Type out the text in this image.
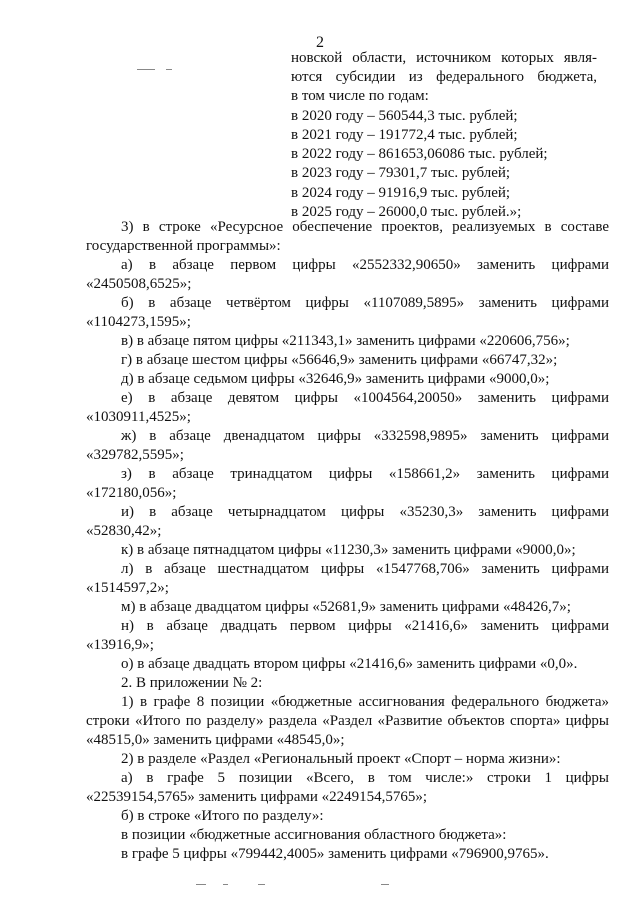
2
новской области, источником которых явля-
ются субсидии из федерального бюджета,
в том числе по годам:
в 2020 году – 560544,3 тыс. рублей;
в 2021 году – 191772,4 тыс. рублей;
в 2022 году – 861653,06086 тыс. рублей;
в 2023 году – 79301,7 тыс. рублей;
в 2024 году – 91916,9 тыс. рублей;
в 2025 году – 26000,0 тыс. рублей.»;
3) в строке «Ресурсное обеспечение проектов, реализуемых в составе
государственной программы»:
а) в абзаце первом цифры «2552332,90650» заменить цифрами
«2450508,6525»;
б) в абзаце четвёртом цифры «1107089,5895» заменить цифрами
«1104273,1595»;
в) в абзаце пятом цифры «211343,1» заменить цифрами «220606,756»;
г) в абзаце шестом цифры «56646,9» заменить цифрами «66747,32»;
д) в абзаце седьмом цифры «32646,9» заменить цифрами «9000,0»;
е) в абзаце девятом цифры «1004564,20050» заменить цифрами
«1030911,4525»;
ж) в абзаце двенадцатом цифры «332598,9895» заменить цифрами
«329782,5595»;
з) в абзаце тринадцатом цифры «158661,2» заменить цифрами
«172180,056»;
и) в абзаце четырнадцатом цифры «35230,3» заменить цифрами
«52830,42»;
к) в абзаце пятнадцатом цифры «11230,3» заменить цифрами «9000,0»;
л) в абзаце шестнадцатом цифры «1547768,706» заменить цифрами
«1514597,2»;
м) в абзаце двадцатом цифры «52681,9» заменить цифрами «48426,7»;
н) в абзаце двадцать первом цифры «21416,6» заменить цифрами
«13916,9»;
о) в абзаце двадцать втором цифры «21416,6» заменить цифрами «0,0».
2. В приложении № 2:
1) в графе 8 позиции «бюджетные ассигнования федерального бюджета»
строки «Итого по разделу» раздела «Раздел «Развитие объектов спорта» цифры
«48515,0» заменить цифрами «48545,0»;
2) в разделе «Раздел «Региональный проект «Спорт – норма жизни»:
а) в графе 5 позиции «Всего, в том числе:» строки 1 цифры
«22539154,5765» заменить цифрами «2249154,5765»;
б) в строке «Итого по разделу»:
в позиции «бюджетные ассигнования областного бюджета»:
в графе 5 цифры «799442,4005» заменить цифрами «796900,9765».
